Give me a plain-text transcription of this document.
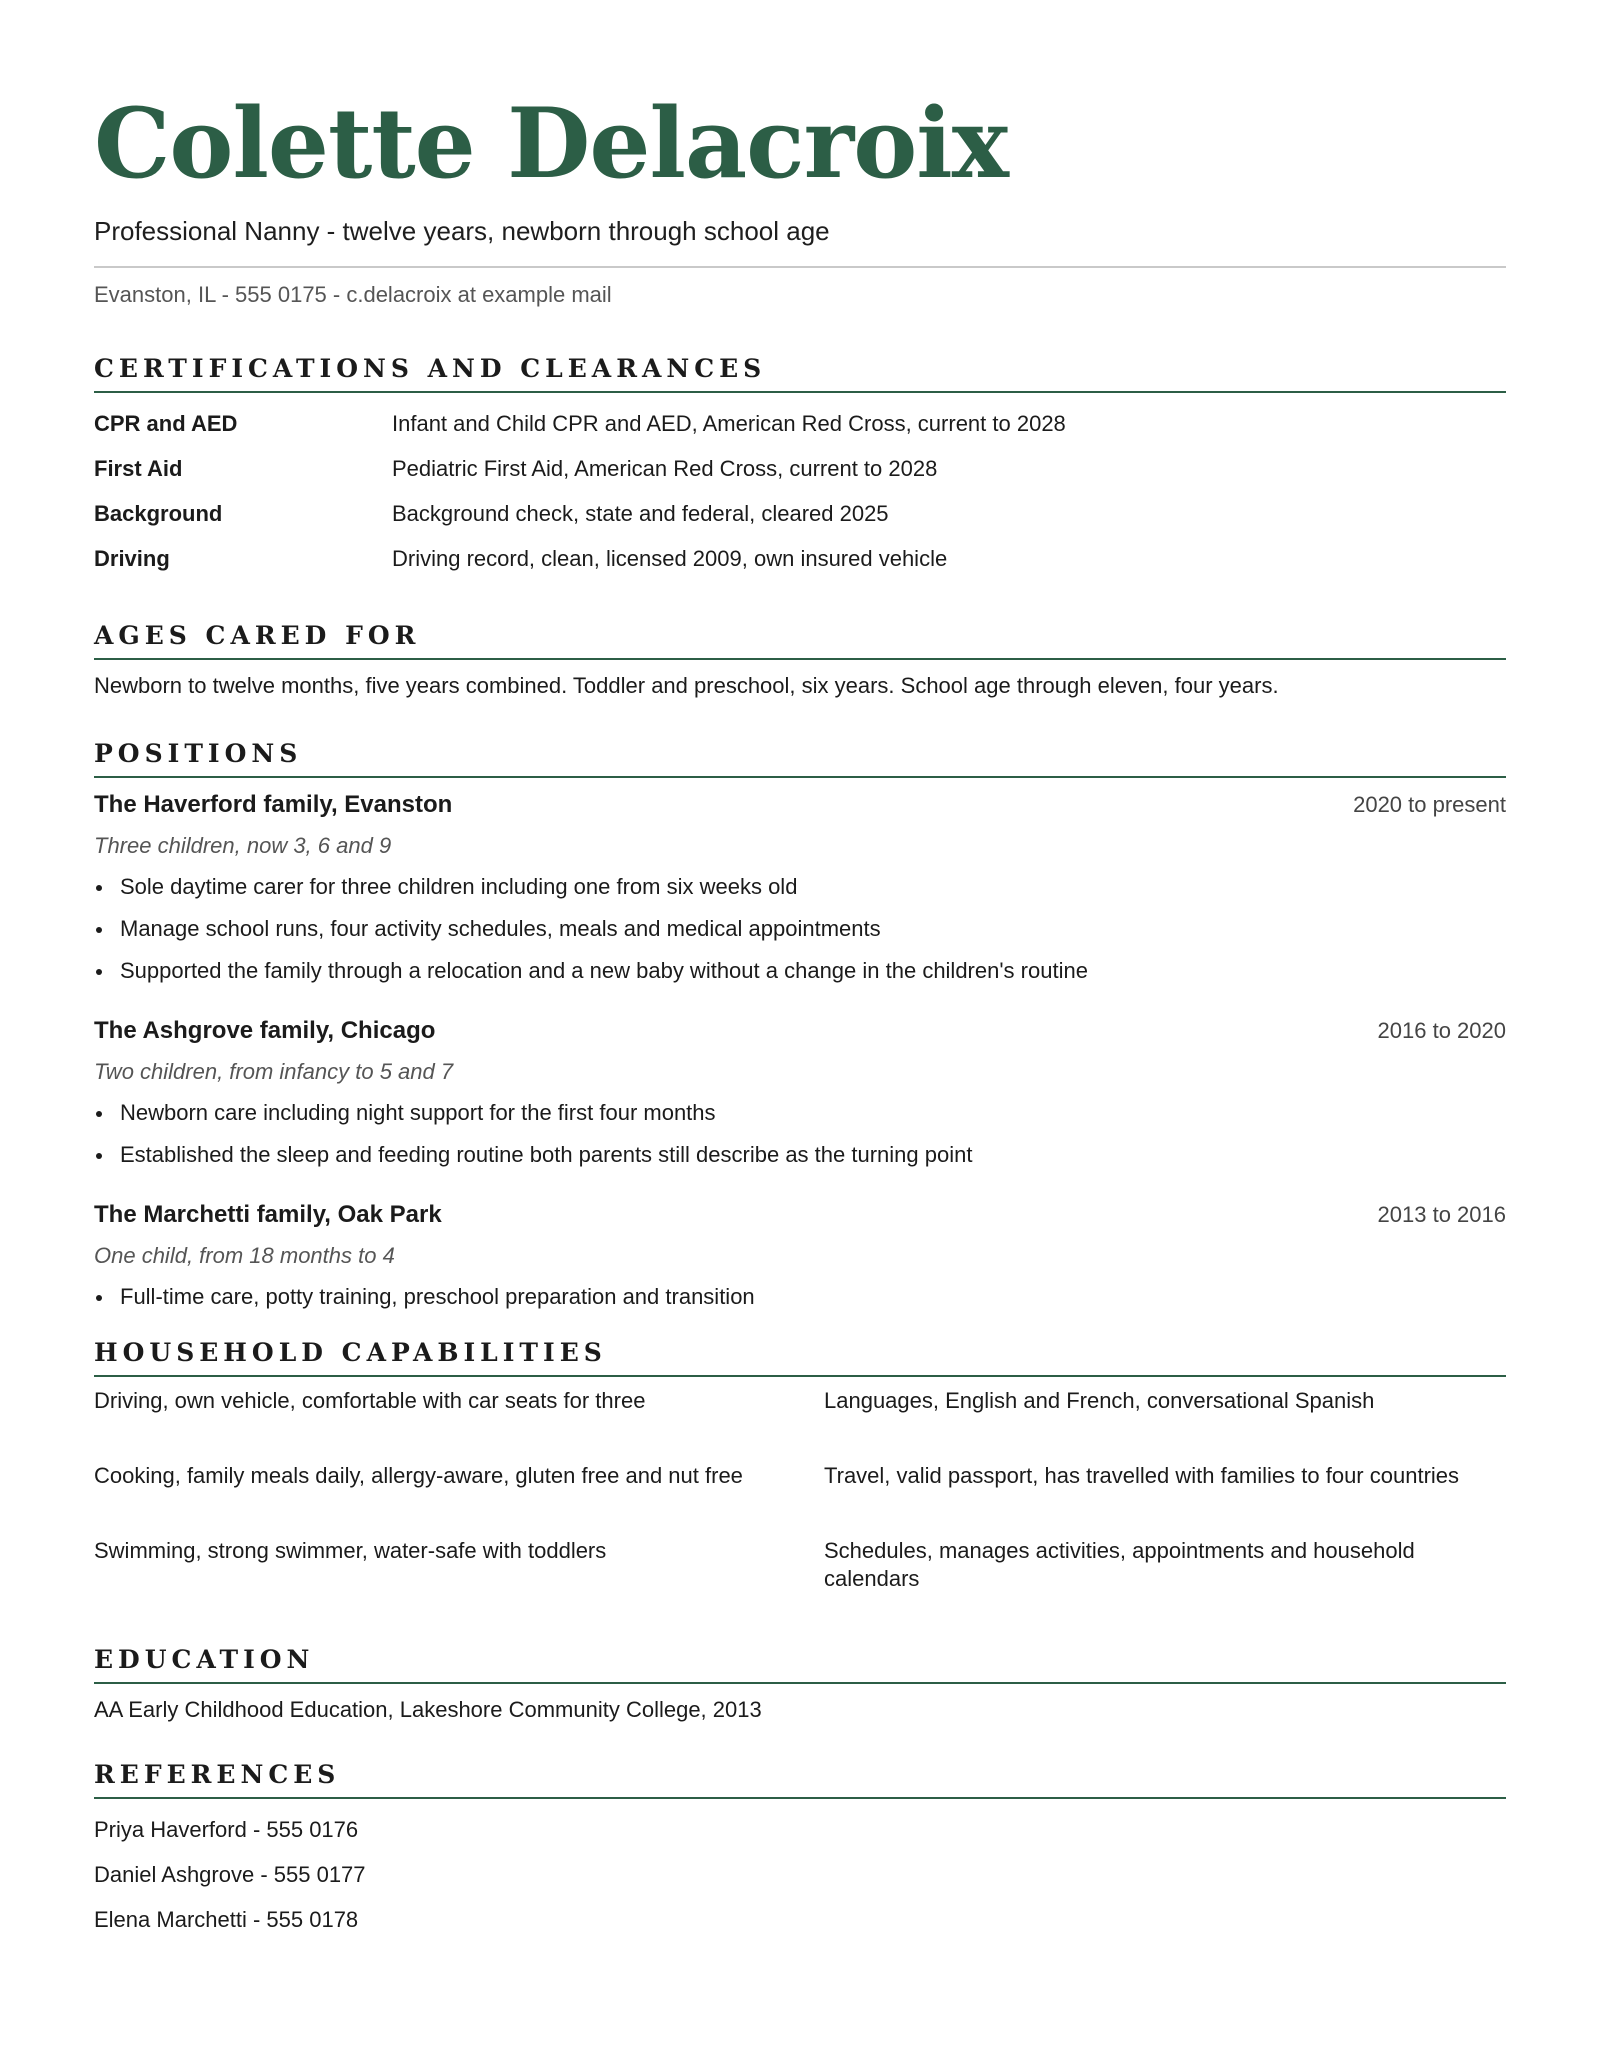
Colette Delacroix
Professional Nanny - twelve years, newborn through school age
Evanston, IL - 555 0175 - c.delacroix at example mail
CERTIFICATIONS AND CLEARANCES
CPR and AED	Infant and Child CPR and AED, American Red Cross, current to 2028
First Aid	Pediatric First Aid, American Red Cross, current to 2028
Background	Background check, state and federal, cleared 2025
Driving	Driving record, clean, licensed 2009, own insured vehicle
AGES CARED FOR
Newborn to twelve months, five years combined. Toddler and preschool, six years. School age through eleven, four years.
POSITIONS
The Haverford family, Evanston	2020 to present
Three children, now 3, 6 and 9
Sole daytime carer for three children including one from six weeks old
Manage school runs, four activity schedules, meals and medical appointments
Supported the family through a relocation and a new baby without a change in the children's routine
The Ashgrove family, Chicago	2016 to 2020
Two children, from infancy to 5 and 7
Newborn care including night support for the first four months
Established the sleep and feeding routine both parents still describe as the turning point
The Marchetti family, Oak Park	2013 to 2016
One child, from 18 months to 4
Full-time care, potty training, preschool preparation and transition
HOUSEHOLD CAPABILITIES
Driving, own vehicle, comfortable with car seats for three	Languages, English and French, conversational Spanish
Cooking, family meals daily, allergy-aware, gluten free and nut free	Travel, valid passport, has travelled with families to four countries
Swimming, strong swimmer, water-safe with toddlers	Schedules, manages activities, appointments and household calendars
EDUCATION
AA Early Childhood Education, Lakeshore Community College, 2013
REFERENCES
Priya Haverford - 555 0176
Daniel Ashgrove - 555 0177
Elena Marchetti - 555 0178
